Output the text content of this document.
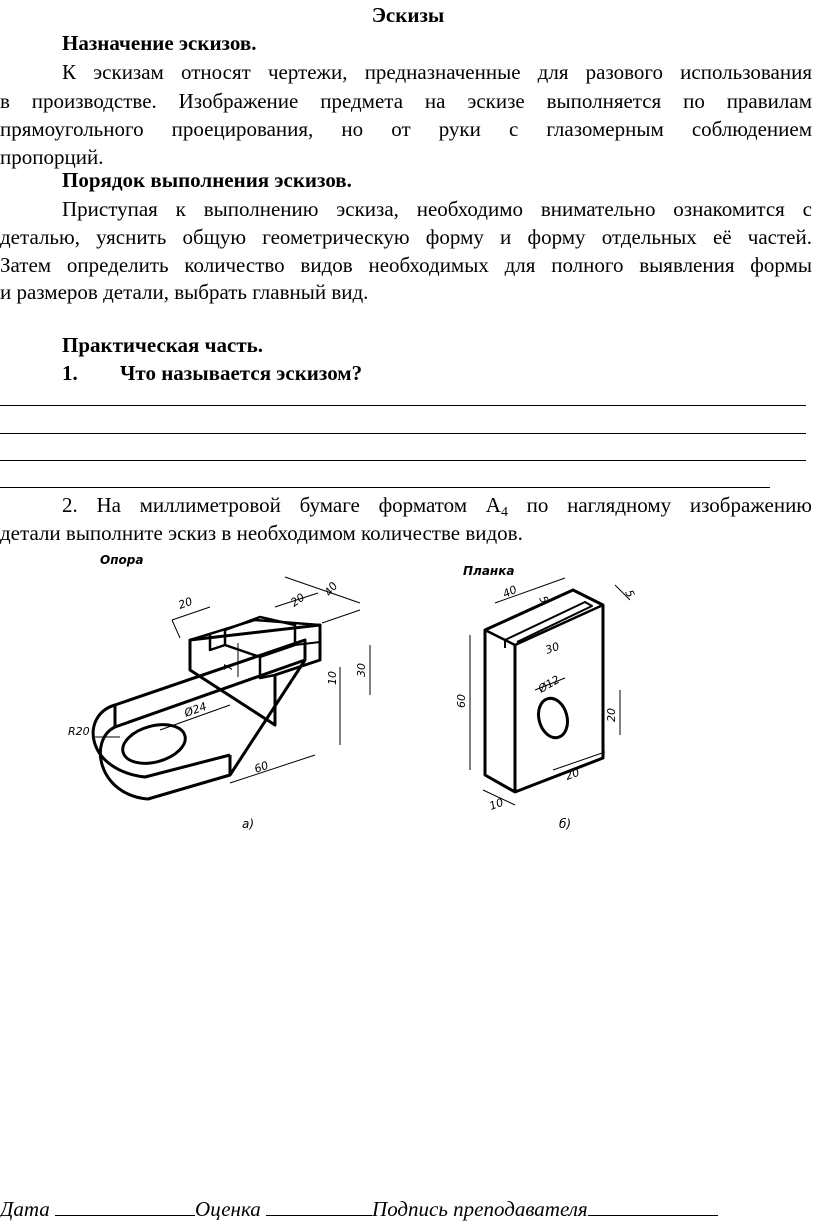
Эскизы
Назначение эскизов.
К эскизам относят чертежи, предназначенные для разового использования
в производстве. Изображение предмета на эскизе выполняется по правилам
прямоугольного проецирования, но от руки с глазомерным соблюдением
пропорций.
Порядок выполнения эскизов.
Приступая к выполнению эскиза, необходимо внимательно ознакомится с
деталью, уяснить общую геометрическую форму и форму отдельных её частей.
Затем определить количество видов необходимых для полного выявления формы
и размеров детали, выбрать главный вид.
Практическая часть.
1. Что называется эскизом?
2. На миллиметровой бумаге форматом $А_4$ по наглядному изображению
детали выполните эскиз в необходимом количестве видов.
Опора
20	20
40
7
10
30
Ø24
R20
60
а)
Планка
40 5
5
30
Ø12
60
20
20
10
б)
Дата	Оценка	Подпись преподавателя
